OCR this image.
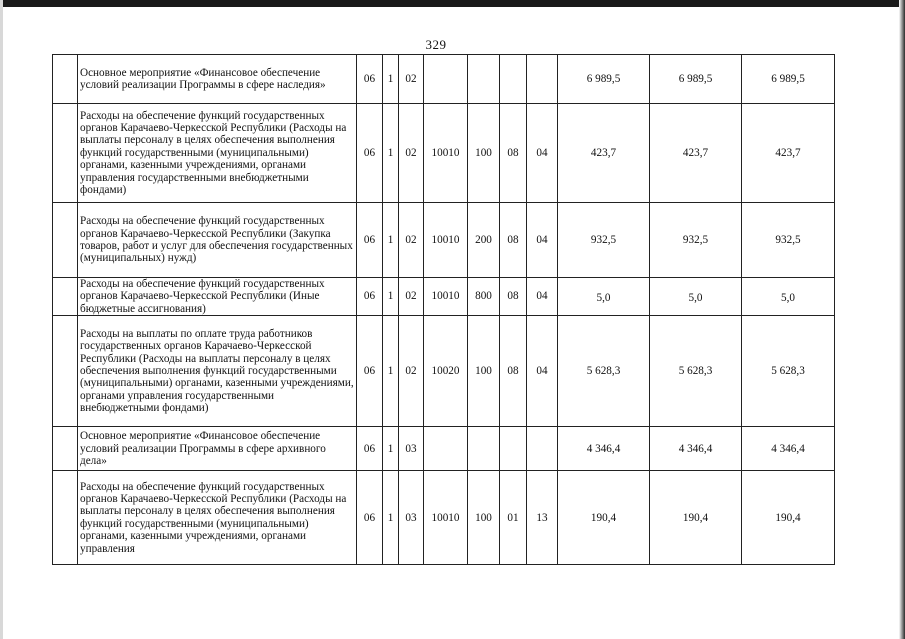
329
	Основное мероприятие «Финансовое обеспечение условий реализации Программы в сфере наследия»	06	1	02					6 989,5	6 989,5	6 989,5
	Расходы на обеспечение функций государственных органов Карачаево-Черкесской Республики (Расходы на выплаты персоналу в целях обеспечения выполнения функций государственными (муниципальными) органами, казенными учреждениями, органами управления государственными внебюджетными фондами)	06	1	02	10010	100	08	04	423,7	423,7	423,7
	Расходы на обеспечение функций государственных органов Карачаево-Черкесской Республики (Закупка товаров, работ и услуг для обеспечения государственных (муниципальных) нужд)	06	1	02	10010	200	08	04	932,5	932,5	932,5
	Расходы на обеспечение функций государственных органов Карачаево-Черкесской Республики (Иные бюджетные ассигнования)	06	1	02	10010	800	08	04	5,0	5,0	5,0
	Расходы на выплаты по оплате труда работников государственных органов Карачаево-Черкесской Республики (Расходы на выплаты персоналу в целях обеспечения выполнения функций государственными (муниципальными) органами, казенными учреждениями, органами управления государственными внебюджетными фондами)	06	1	02	10020	100	08	04	5 628,3	5 628,3	5 628,3
	Основное мероприятие «Финансовое обеспечение условий реализации Программы в сфере архивного дела»	06	1	03					4 346,4	4 346,4	4 346,4
	Расходы на обеспечение функций государственных органов Карачаево-Черкесской Республики (Расходы на выплаты персоналу в целях обеспечения выполнения функций государственными (муниципальными) органами, казенными учреждениями, органами управления	06	1	03	10010	100	01	13	190,4	190,4	190,4
